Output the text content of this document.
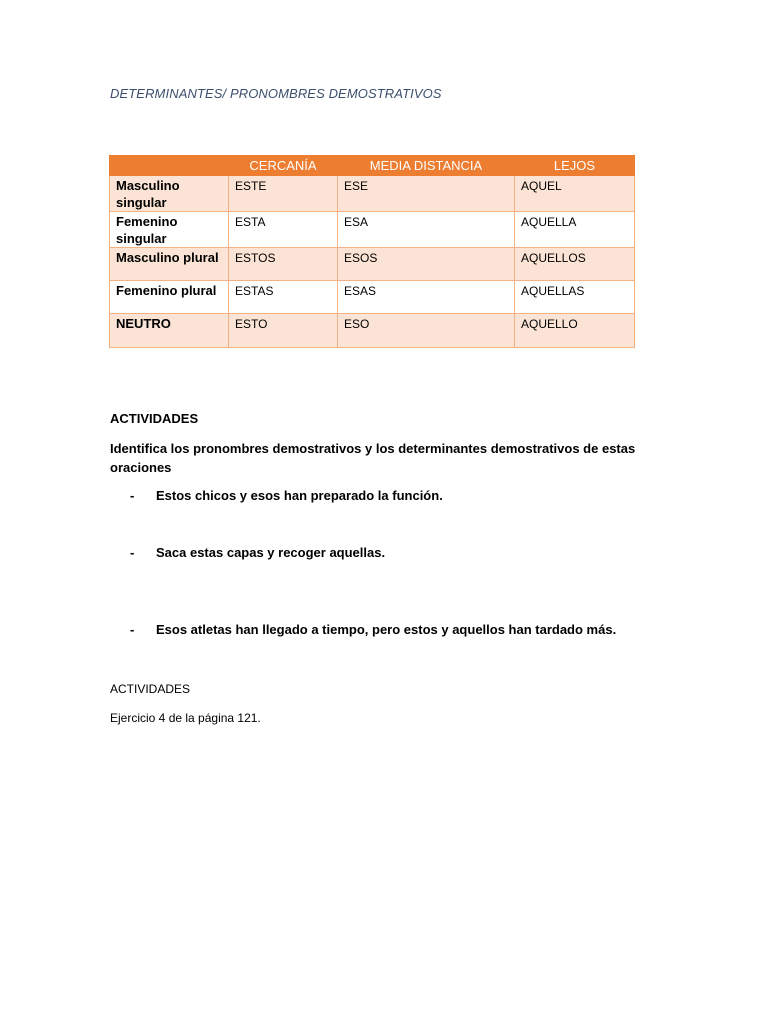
DETERMINANTES/ PRONOMBRES DEMOSTRATIVOS
	CERCANÍA	MEDIA DISTANCIA	LEJOS
Masculino singular	ESTE	ESE	AQUEL
Femenino singular	ESTA	ESA	AQUELLA
Masculino plural	ESTOS	ESOS	AQUELLOS
Femenino plural	ESTAS	ESAS	AQUELLAS
NEUTRO	ESTO	ESO	AQUELLO
ACTIVIDADES
Identifica los pronombres demostrativos y los determinantes demostrativos de estas oraciones
-	Estos chicos y esos han preparado la función.
-	Saca estas capas y recoger aquellas.
-	Esos atletas han llegado a tiempo, pero estos y aquellos han tardado más.
ACTIVIDADES
Ejercicio 4 de la página 121.
